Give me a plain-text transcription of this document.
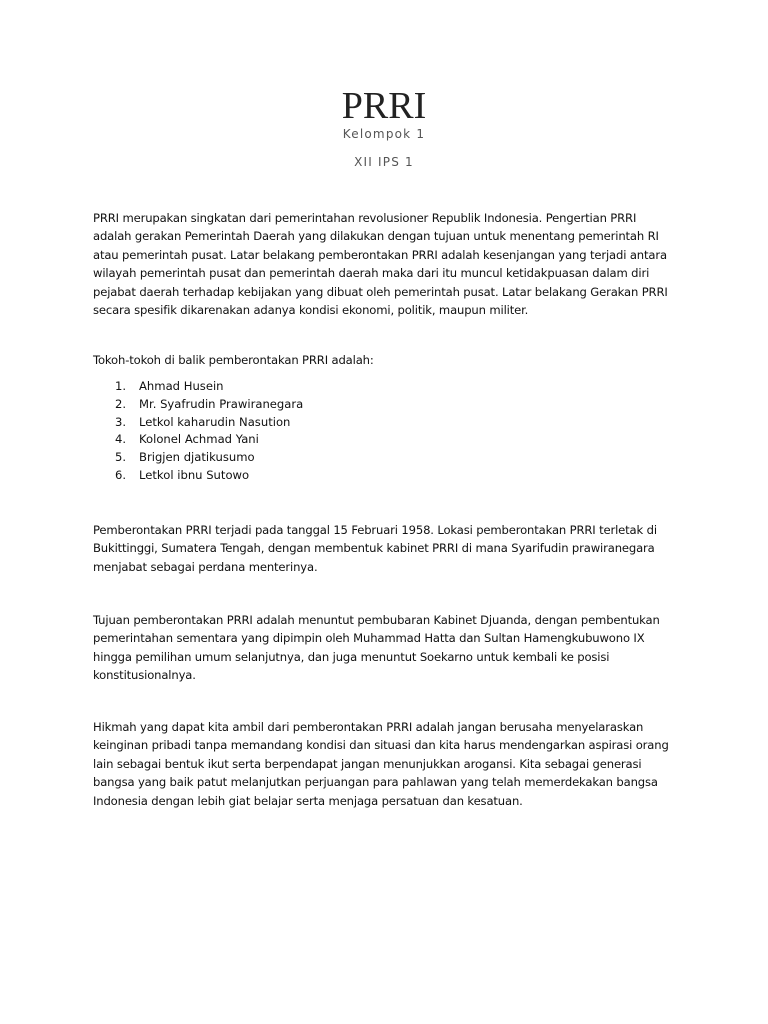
PRRI
Kelompok 1
XII IPS 1

PRRI merupakan singkatan dari pemerintahan revolusioner Republik Indonesia. Pengertian PRRI adalah gerakan Pemerintah Daerah yang dilakukan dengan tujuan untuk menentang pemerintah RI atau pemerintah pusat. Latar belakang pemberontakan PRRI adalah kesenjangan yang terjadi antara wilayah pemerintah pusat dan pemerintah daerah maka dari itu muncul ketidakpuasan dalam diri pejabat daerah terhadap kebijakan yang dibuat oleh pemerintah pusat. Latar belakang Gerakan PRRI secara spesifik dikarenakan adanya kondisi ekonomi, politik, maupun militer.

Tokoh-tokoh di balik pemberontakan PRRI adalah:

1.	Ahmad Husein
2.	Mr. Syafrudin Prawiranegara
3.	Letkol kaharudin Nasution
4.	Kolonel Achmad Yani
5.	Brigjen djatikusumo
6.	Letkol ibnu Sutowo

Pemberontakan PRRI terjadi pada tanggal 15 Februari 1958. Lokasi pemberontakan PRRI terletak di Bukittinggi, Sumatera Tengah, dengan membentuk kabinet PRRI di mana Syarifudin prawiranegara menjabat sebagai perdana menterinya.

Tujuan pemberontakan PRRI adalah menuntut pembubaran Kabinet Djuanda, dengan pembentukan pemerintahan sementara yang dipimpin oleh Muhammad Hatta dan Sultan Hamengkubuwono IX hingga pemilihan umum selanjutnya, dan juga menuntut Soekarno untuk kembali ke posisi konstitusionalnya.

Hikmah yang dapat kita ambil dari pemberontakan PRRI adalah jangan berusaha menyelaraskan keinginan pribadi tanpa memandang kondisi dan situasi dan kita harus mendengarkan aspirasi orang lain sebagai bentuk ikut serta berpendapat jangan menunjukkan arogansi. Kita sebagai generasi bangsa yang baik patut melanjutkan perjuangan para pahlawan yang telah memerdekakan bangsa Indonesia dengan lebih giat belajar serta menjaga persatuan dan kesatuan.
